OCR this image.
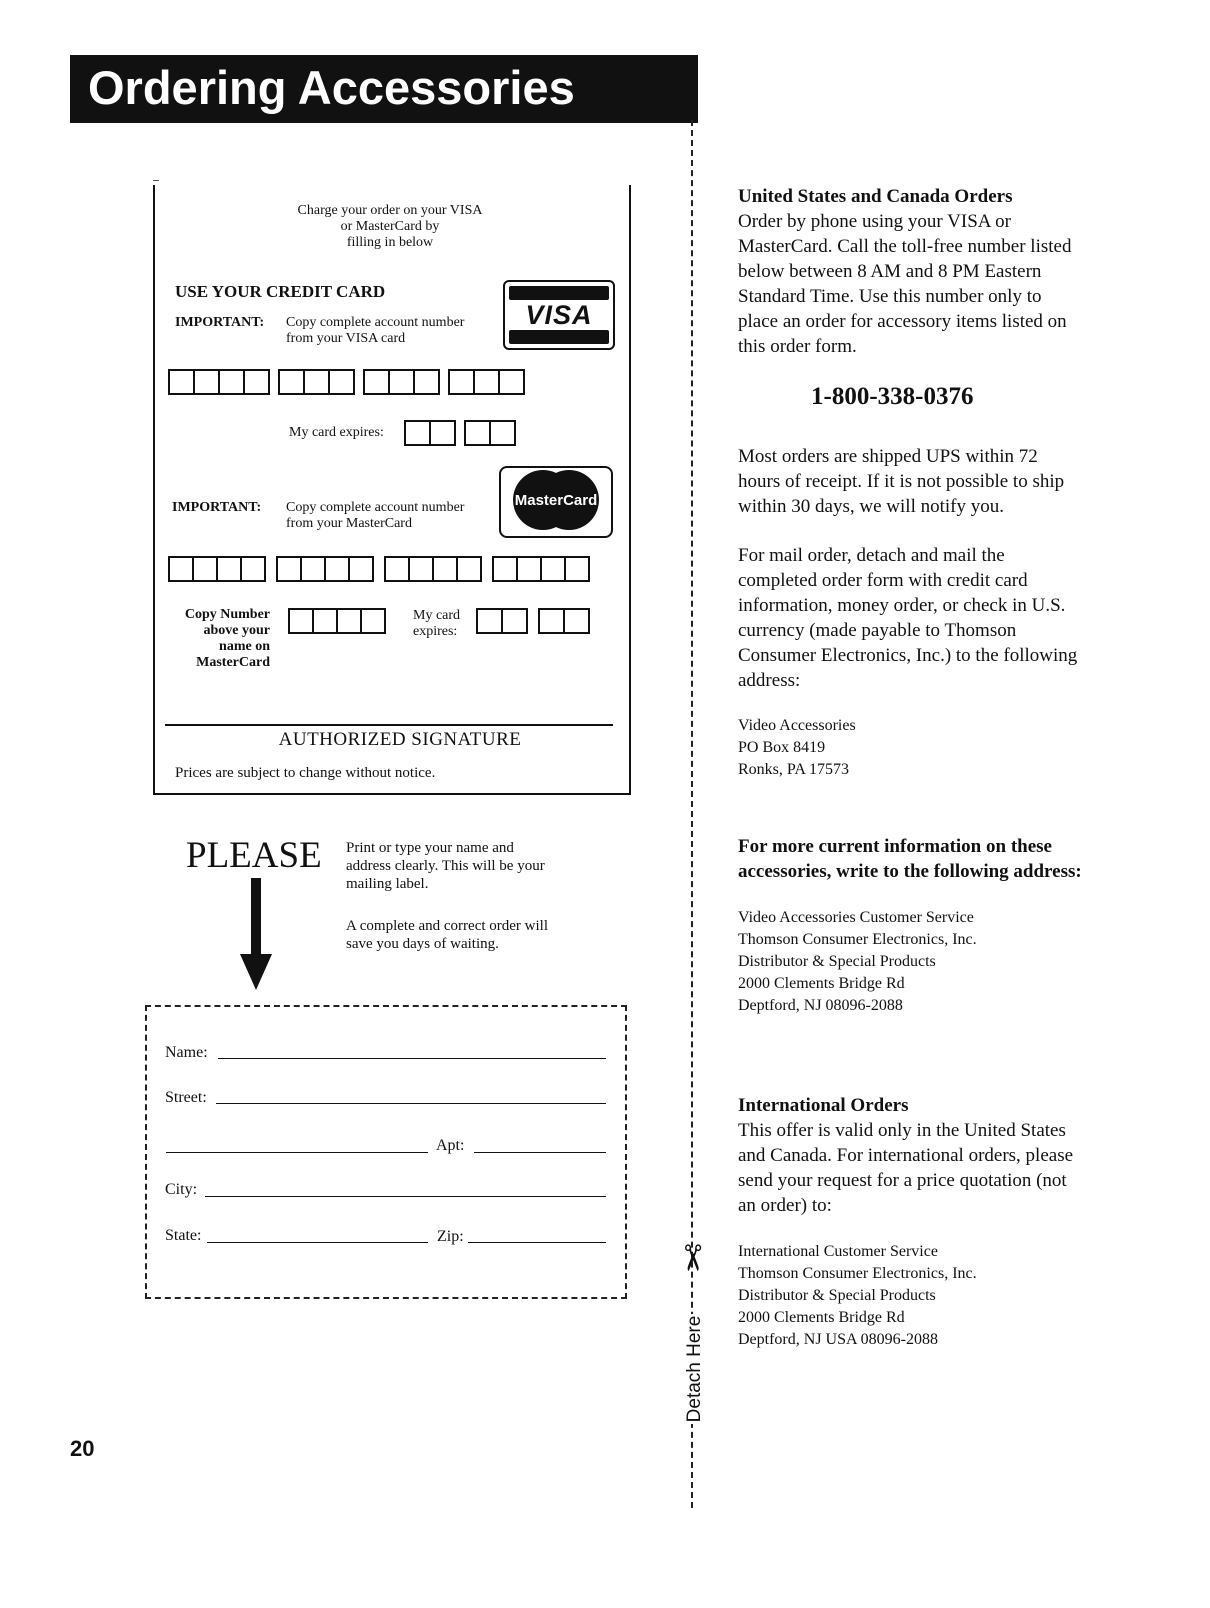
Ordering Accessories
✂
Detach Here
Charge your order on your VISA
or MasterCard by
filling in below
USE YOUR CREDIT CARD
IMPORTANT: Copy complete account number
from your VISA card
VISA
My card expires:
MasterCard
IMPORTANT: Copy complete account number
from your MasterCard
Copy Number
above your
name on
MasterCard
My card
expires:
AUTHORIZED SIGNATURE
Prices are subject to change without notice.
PLEASE Print or type your name and
address clearly. This will be your
mailing label.
A complete and correct order will
save you days of waiting.
Name:
Street:
Apt:
City:
State:	Zip:
20
United States and Canada Orders
Order by phone using your VISA or
MasterCard. Call the toll-free number listed
below between 8 AM and 8 PM Eastern
Standard Time. Use this number only to
place an order for accessory items listed on
this order form.
1-800-338-0376
Most orders are shipped UPS within 72
hours of receipt. If it is not possible to ship
within 30 days, we will notify you.
For mail order, detach and mail the
completed order form with credit card
information, money order, or check in U.S.
currency (made payable to Thomson
Consumer Electronics, Inc.) to the following
address:
Video Accessories
PO Box 8419
Ronks, PA 17573
For more current information on these
accessories, write to the following address:
Video Accessories Customer Service
Thomson Consumer Electronics, Inc.
Distributor & Special Products
2000 Clements Bridge Rd
Deptford, NJ 08096-2088
International Orders
This offer is valid only in the United States
and Canada. For international orders, please
send your request for a price quotation (not
an order) to:
International Customer Service
Thomson Consumer Electronics, Inc.
Distributor & Special Products
2000 Clements Bridge Rd
Deptford, NJ USA 08096-2088
